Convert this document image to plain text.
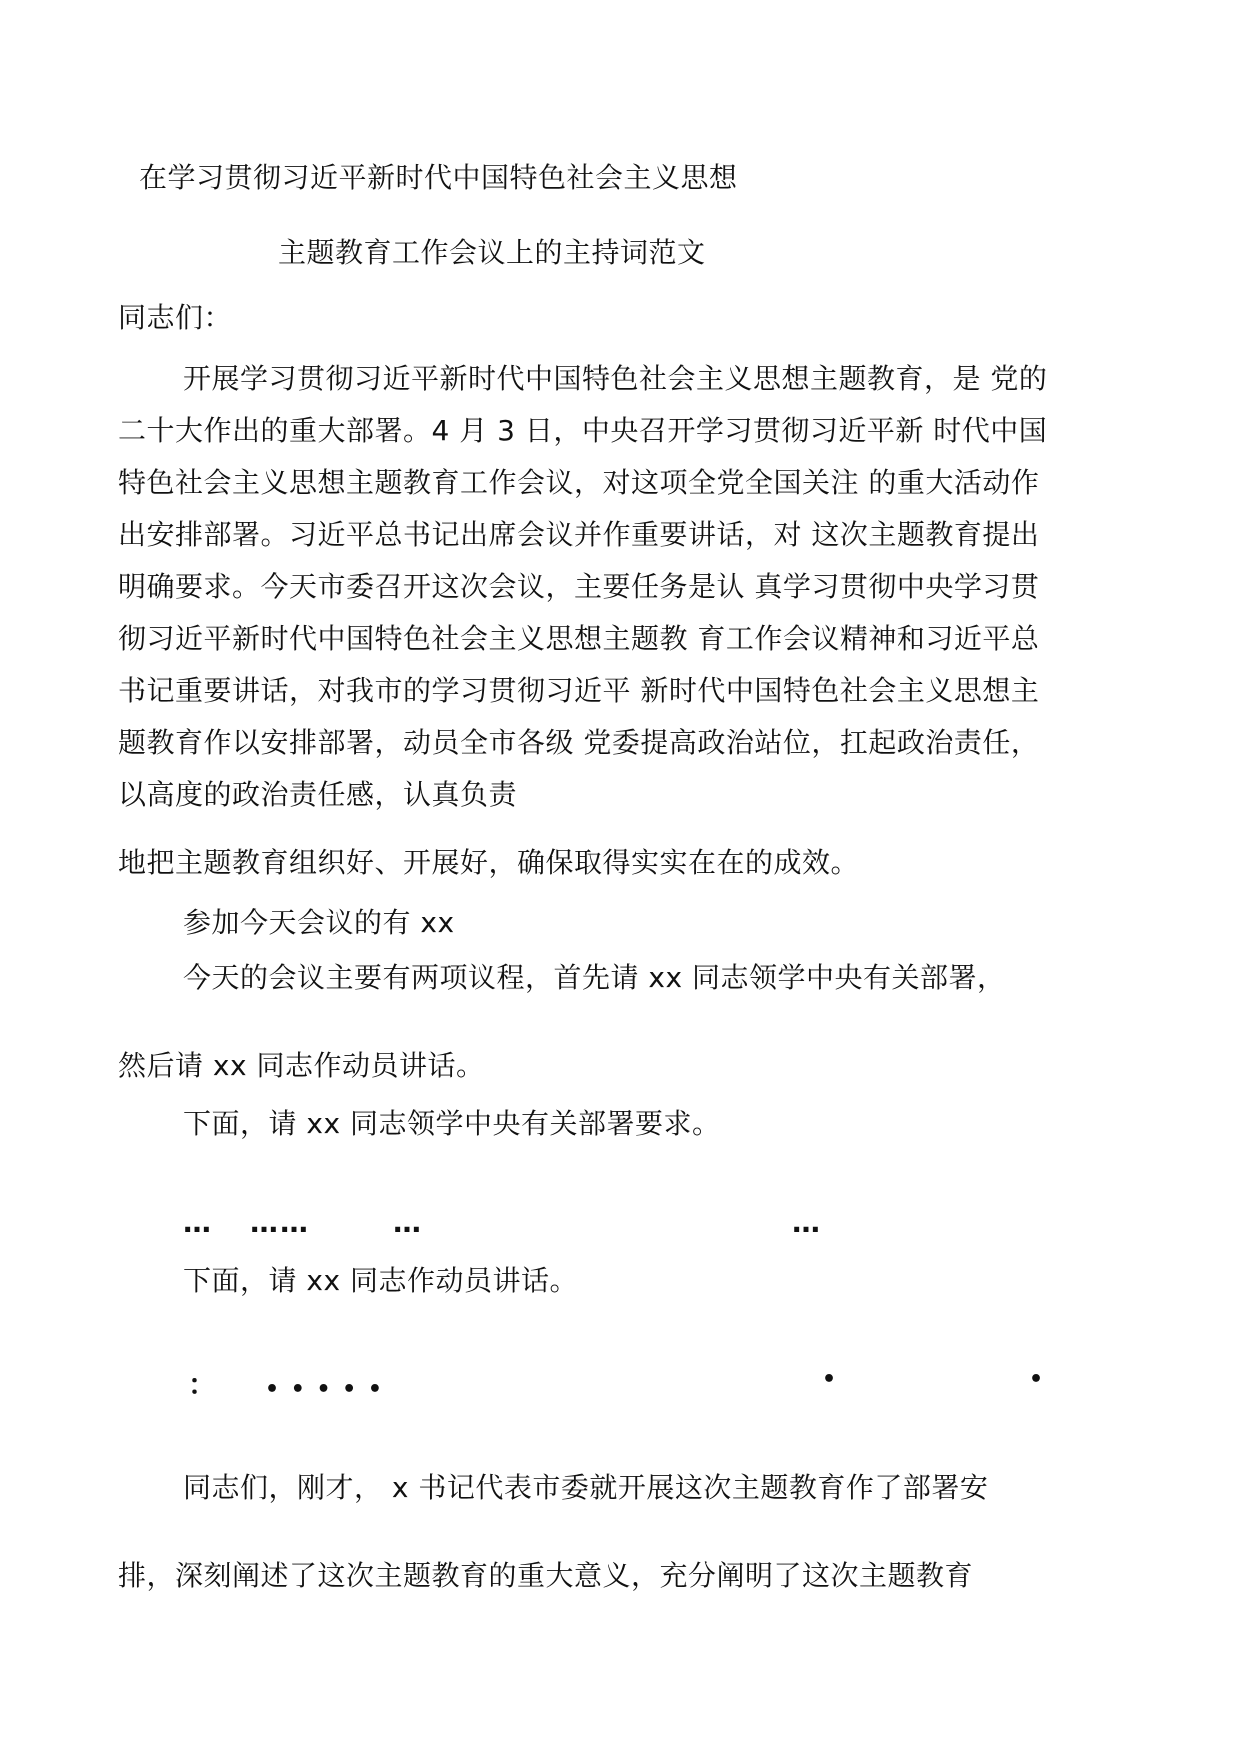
在学习贯彻习近平新时代中国特色社会主义思想
主题教育工作会议上的主持词范文
同志们：
开展学习贯彻习近平新时代中国特色社会主义思想主题教育，是 党的
二十大作出的重大部署。4 月 3 日，中央召开学习贯彻习近平新 时代中国
特色社会主义思想主题教育工作会议，对这项全党全国关注 的重大活动作
出安排部署。习近平总书记出席会议并作重要讲话，对 这次主题教育提出
明确要求。今天市委召开这次会议，主要任务是认 真学习贯彻中央学习贯
彻习近平新时代中国特色社会主义思想主题教 育工作会议精神和习近平总
书记重要讲话，对我市的学习贯彻习近平 新时代中国特色社会主义思想主
题教育作以安排部署，动员全市各级 党委提高政治站位，扛起政治责任，
以高度的政治责任感，认真负责
地把主题教育组织好、开展好，确保取得实实在在的成效。
参加今天会议的有 xx
今天的会议主要有两项议程，首先请 xx 同志领学中央有关部署，
然后请 xx 同志作动员讲话。
下面，请 xx 同志领学中央有关部署要求。
… ……	…	…
下面，请 xx 同志作动员讲话。
： • • • • •	•	•
同志们，刚才， x 书记代表市委就开展这次主题教育作了部署安
排，深刻阐述了这次主题教育的重大意义，充分阐明了这次主题教育
